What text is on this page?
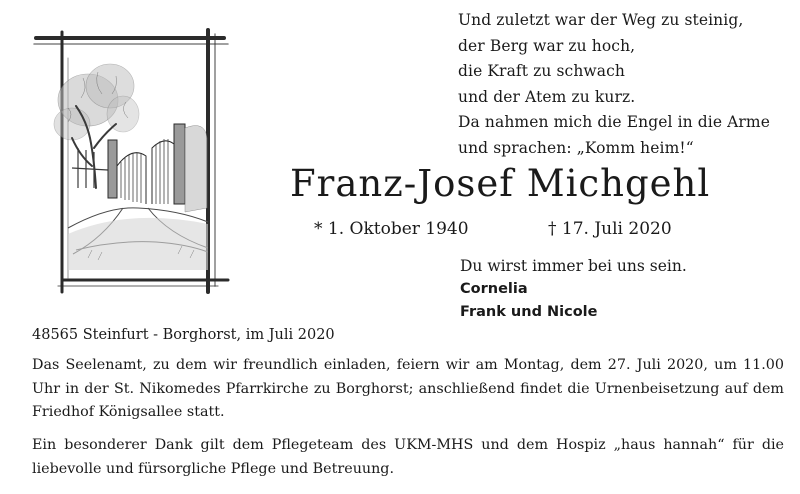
Und zuletzt war der Weg zu steinig,
der Berg war zu hoch,
die Kraft zu schwach
und der Atem zu kurz.
Da nahmen mich die Engel in die Arme
und sprachen: „Komm heim!“
Franz-Josef Michgehl
* 1. Oktober 1940	† 17. Juli 2020
Du wirst immer bei uns sein.
Cornelia
Frank und Nicole
48565 Steinfurt - Borghorst, im Juli 2020
Das Seelenamt, zu dem wir freundlich einladen, feiern wir am Montag, dem 27. Juli 2020, um 11.00 Uhr in der St. Nikomedes Pfarrkirche zu Borghorst; anschließend findet die Urnenbeisetzung auf dem Friedhof Königsallee statt.
Ein besonderer Dank gilt dem Pflegeteam des UKM-MHS und dem Hospiz „haus hannah“ für die liebevolle und fürsorgliche Pflege und Betreuung.
